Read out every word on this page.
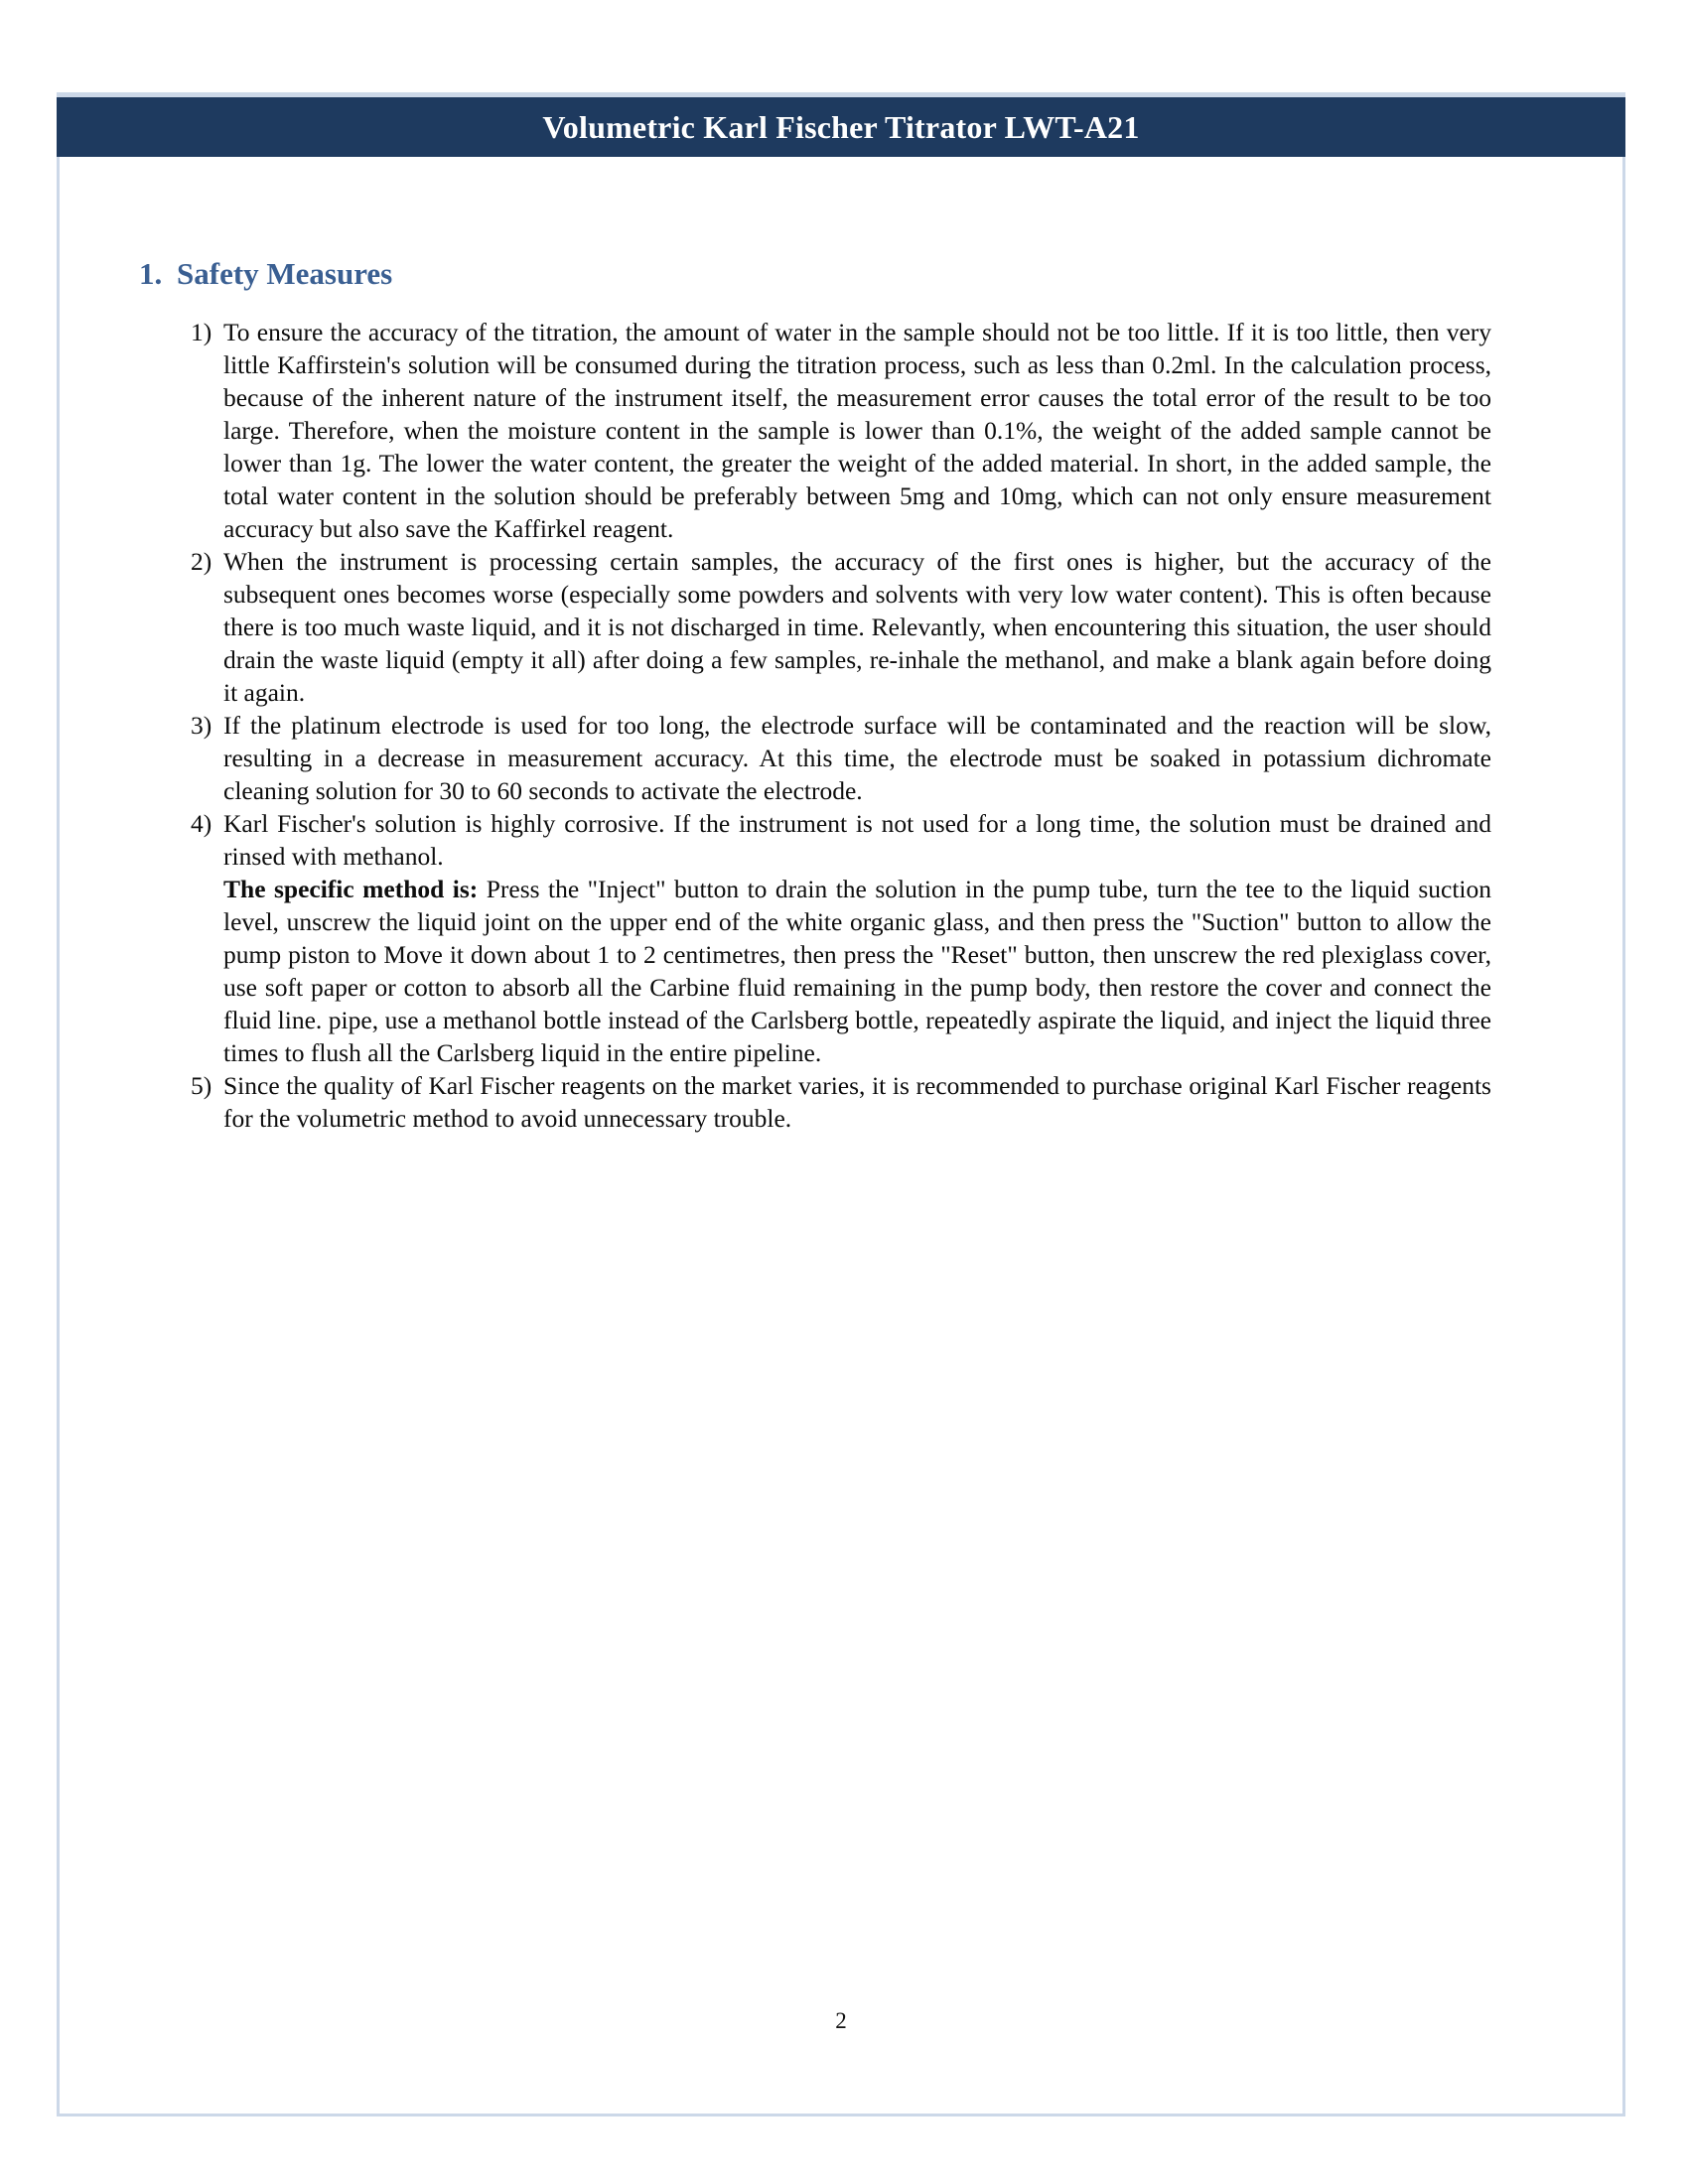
Volumetric Karl Fischer Titrator LWT-A21
1. Safety Measures
1) To ensure the accuracy of the titration, the amount of water in the sample should not be too little. If it is too little, then very little Kaffirstein's solution will be consumed during the titration process, such as less than 0.2ml. In the calculation process, because of the inherent nature of the instrument itself, the measurement error causes the total error of the result to be too large. Therefore, when the moisture content in the sample is lower than 0.1%, the weight of the added sample cannot be lower than 1g. The lower the water content, the greater the weight of the added material. In short, in the added sample, the total water content in the solution should be preferably between 5mg and 10mg, which can not only ensure measurement accuracy but also save the Kaffirkel reagent.

2) When the instrument is processing certain samples, the accuracy of the first ones is higher, but the accuracy of the subsequent ones becomes worse (especially some powders and solvents with very low water content). This is often because there is too much waste liquid, and it is not discharged in time. Relevantly, when encountering this situation, the user should drain the waste liquid (empty it all) after doing a few samples, re-inhale the methanol, and make a blank again before doing it again.

3) If the platinum electrode is used for too long, the electrode surface will be contaminated and the reaction will be slow, resulting in a decrease in measurement accuracy. At this time, the electrode must be soaked in potassium dichromate cleaning solution for 30 to 60 seconds to activate the electrode.

4) Karl Fischer's solution is highly corrosive. If the instrument is not used for a long time, the solution must be drained and rinsed with methanol.

The specific method is: Press the "Inject" button to drain the solution in the pump tube, turn the tee to the liquid suction level, unscrew the liquid joint on the upper end of the white organic glass, and then press the "Suction" button to allow the pump piston to Move it down about 1 to 2 centimetres, then press the "Reset" button, then unscrew the red plexiglass cover, use soft paper or cotton to absorb all the Carbine fluid remaining in the pump body, then restore the cover and connect the fluid line. pipe, use a methanol bottle instead of the Carlsberg bottle, repeatedly aspirate the liquid, and inject the liquid three times to flush all the Carlsberg liquid in the entire pipeline.

5) Since the quality of Karl Fischer reagents on the market varies, it is recommended to purchase original Karl Fischer reagents for the volumetric method to avoid unnecessary trouble.

2
